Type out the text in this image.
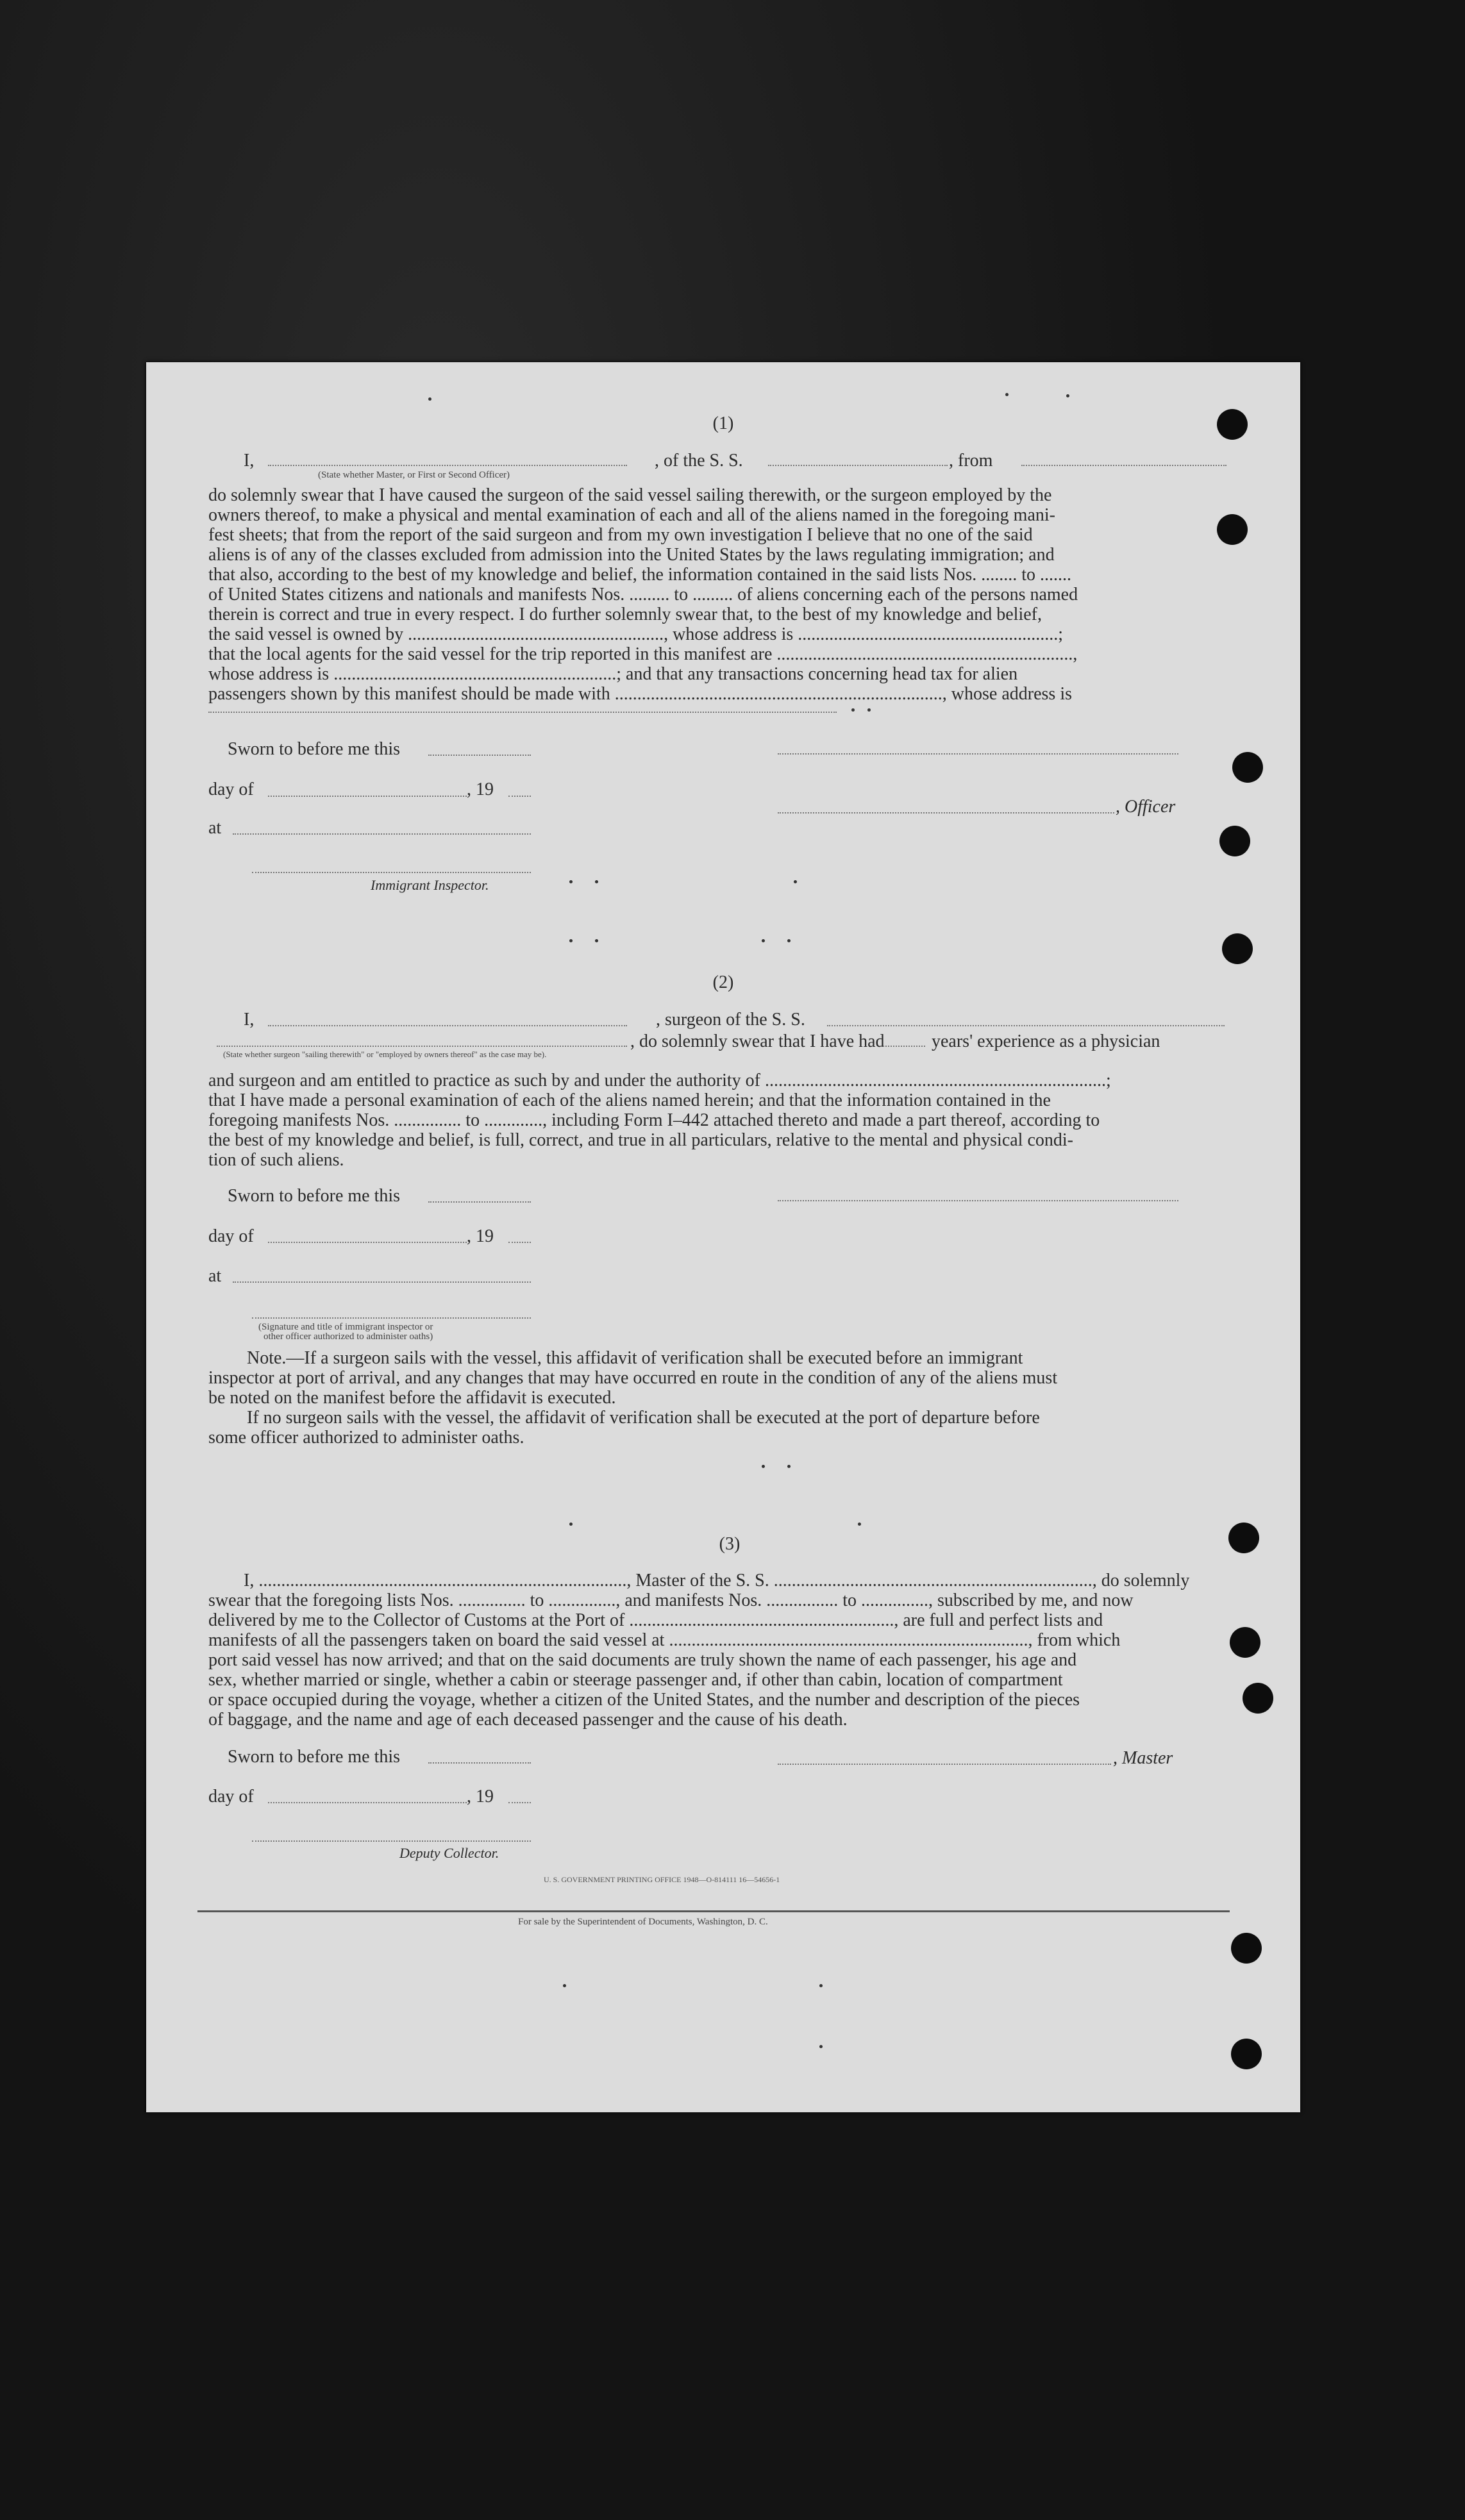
(1)
I,	, of the S. S.	, from
(State whether Master, or First or Second Officer)
do solemnly swear that I have caused the surgeon of the said vessel sailing therewith, or the surgeon employed by the
owners thereof, to make a physical and mental examination of each and all of the aliens named in the foregoing mani-
fest sheets; that from the report of the said surgeon and from my own investigation I believe that no one of the said
aliens is of any of the classes excluded from admission into the United States by the laws regulating immigration; and
that also, according to the best of my knowledge and belief, the information contained in the said lists Nos. ........ to .......
of United States citizens and nationals and manifests Nos. ......... to ......... of aliens concerning each of the persons named
therein is correct and true in every respect. I do further solemnly swear that, to the best of my knowledge and belief,
the said vessel is owned by ........................................................., whose address is ..........................................................;
that the local agents for the said vessel for the trip reported in this manifest are ..................................................................,
whose address is ...............................................................; and that any transactions concerning head tax for alien
passengers shown by this manifest should be made with ........................................................................., whose address is
Sworn to before me this
day of	, 19
, Officer
at
Immigrant Inspector.
(2)
I,	, surgeon of the S. S.
, do solemnly swear that I have had	years' experience as a physician
(State whether surgeon "sailing therewith" or "employed by owners thereof" as the case may be).
and surgeon and am entitled to practice as such by and under the authority of ............................................................................;
that I have made a personal examination of each of the aliens named herein; and that the information contained in the
foregoing manifests Nos. ............... to ............., including Form I–442 attached thereto and made a part thereof, according to
the best of my knowledge and belief, is full, correct, and true in all particulars, relative to the mental and physical condi-
tion of such aliens.
Sworn to before me this
day of	, 19
at
(Signature and title of immigrant inspector or
other officer authorized to administer oaths)
Note.—If a surgeon sails with the vessel, this affidavit of verification shall be executed before an immigrant
inspector at port of arrival, and any changes that may have occurred en route in the condition of any of the aliens must
be noted on the manifest before the affidavit is executed.
If no surgeon sails with the vessel, the affidavit of verification shall be executed at the port of departure before
some officer authorized to administer oaths.
(3)
I, .................................................................................., Master of the S. S. ......................................................................., do solemnly
swear that the foregoing lists Nos. ............... to ..............., and manifests Nos. ................ to ..............., subscribed by me, and now
delivered by me to the Collector of Customs at the Port of ..........................................................., are full and perfect lists and
manifests of all the passengers taken on board the said vessel at ................................................................................, from which
port said vessel has now arrived; and that on the said documents are truly shown the name of each passenger, his age and
sex, whether married or single, whether a cabin or steerage passenger and, if other than cabin, location of compartment
or space occupied during the voyage, whether a citizen of the United States, and the number and description of the pieces
of baggage, and the name and age of each deceased passenger and the cause of his death.
Sworn to before me this	, Master
day of	, 19
Deputy Collector.
U. S. GOVERNMENT PRINTING OFFICE 1948—O-814111 16—54656-1
For sale by the Superintendent of Documents, Washington, D. C.
